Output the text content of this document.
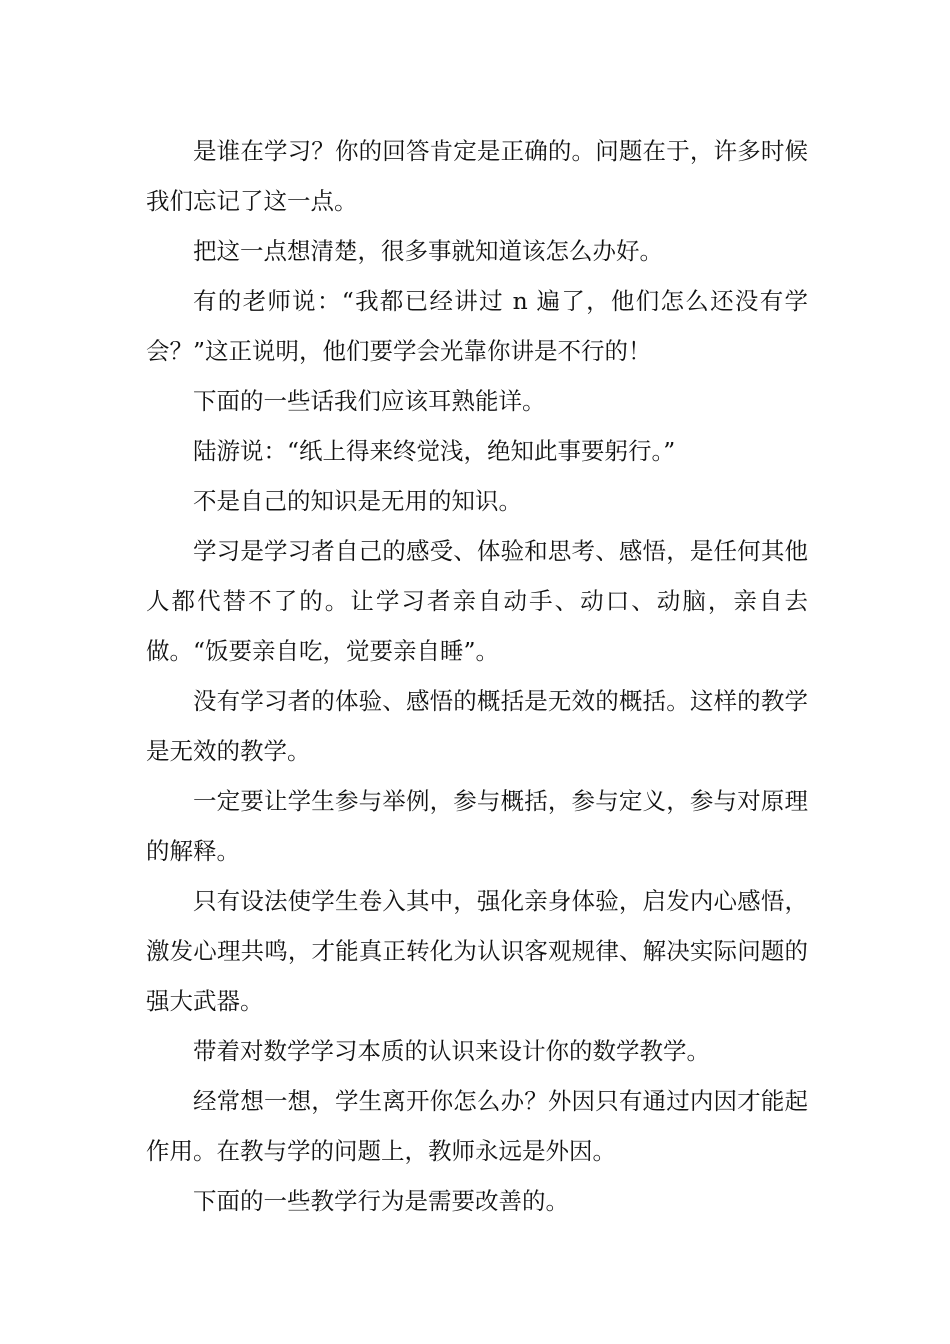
是谁在学习？你的回答肯定是正确的。问题在于，许多时候我们忘记了这一点。

把这一点想清楚，很多事就知道该怎么办好。

有的老师说：“我都已经讲过 n 遍了，他们怎么还没有学会？”这正说明，他们要学会光靠你讲是不行的！

下面的一些话我们应该耳熟能详。

陆游说：“纸上得来终觉浅，绝知此事要躬行。”

不是自己的知识是无用的知识。

学习是学习者自己的感受、体验和思考、感悟，是任何其他人都代替不了的。让学习者亲自动手、动口、动脑，亲自去做。“饭要亲自吃，觉要亲自睡”。

没有学习者的体验、感悟的概括是无效的概括。这样的教学是无效的教学。

一定要让学生参与举例，参与概括，参与定义，参与对原理的解释。

只有设法使学生卷入其中，强化亲身体验，启发内心感悟，激发心理共鸣，才能真正转化为认识客观规律、解决实际问题的强大武器。

带着对数学学习本质的认识来设计你的数学教学。

经常想一想，学生离开你怎么办？外因只有通过内因才能起作用。在教与学的问题上，教师永远是外因。

下面的一些教学行为是需要改善的。
